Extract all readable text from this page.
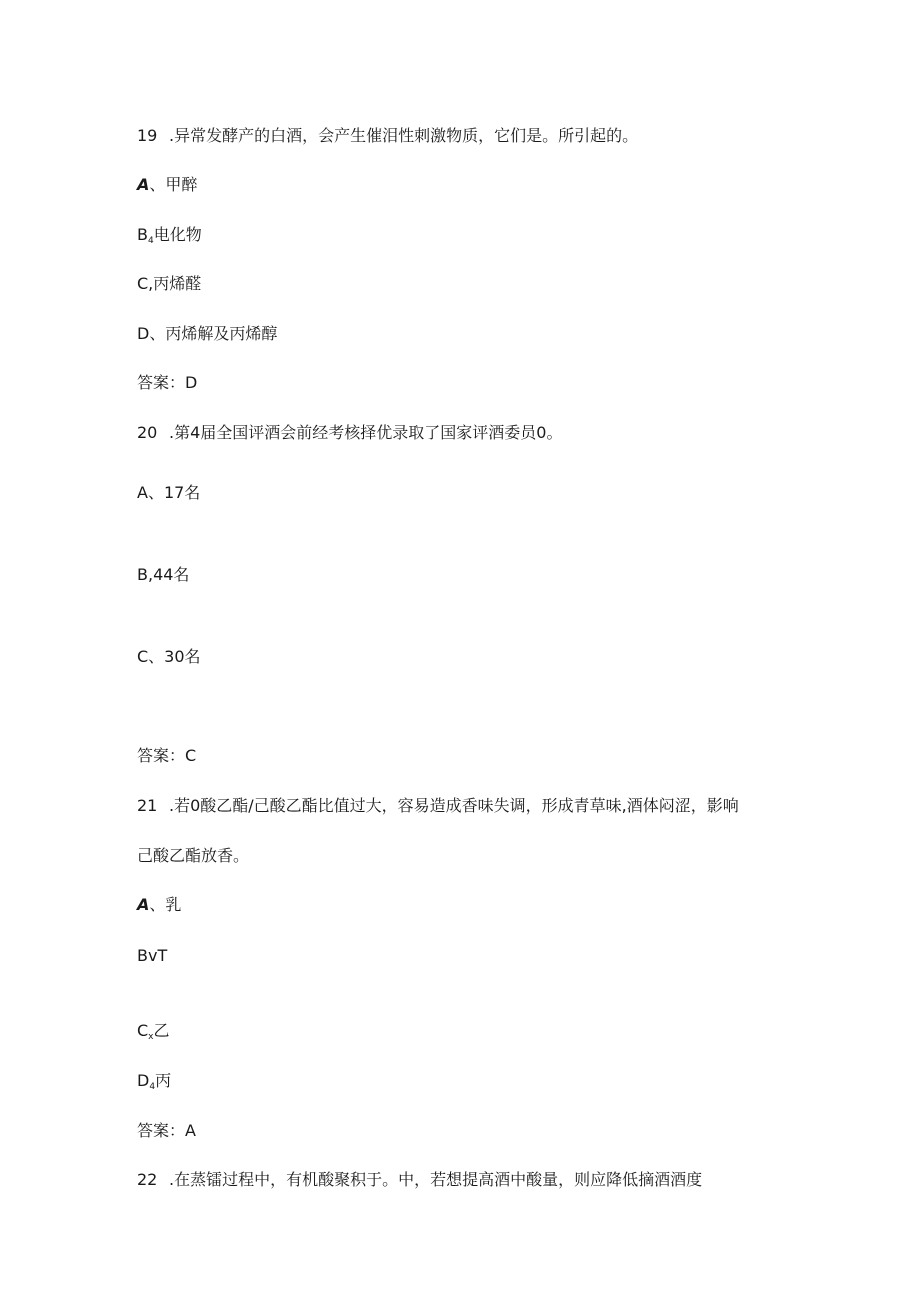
19 .异常发酵产的白酒，会产生催泪性刺激物质，它们是。所引起的。
A、甲醉
$B_4$电化物
C,丙烯醛
D、丙烯解及丙烯醇
答案：D
20 .第4届全国评酒会前经考核择优录取了国家评酒委员0。
A、17名
B,44名
C、30名
答案：C
21 .若0酸乙酯/己酸乙酯比值过大，容易造成香味失调，形成青草味,酒体闷涩，影响
己酸乙酯放香。
A、乳
BvT
$C_x$乙
$D_4$丙
答案：A
22 .在蒸镭过程中，有机酸聚积于。中，若想提高酒中酸量，则应降低摘酒酒度
